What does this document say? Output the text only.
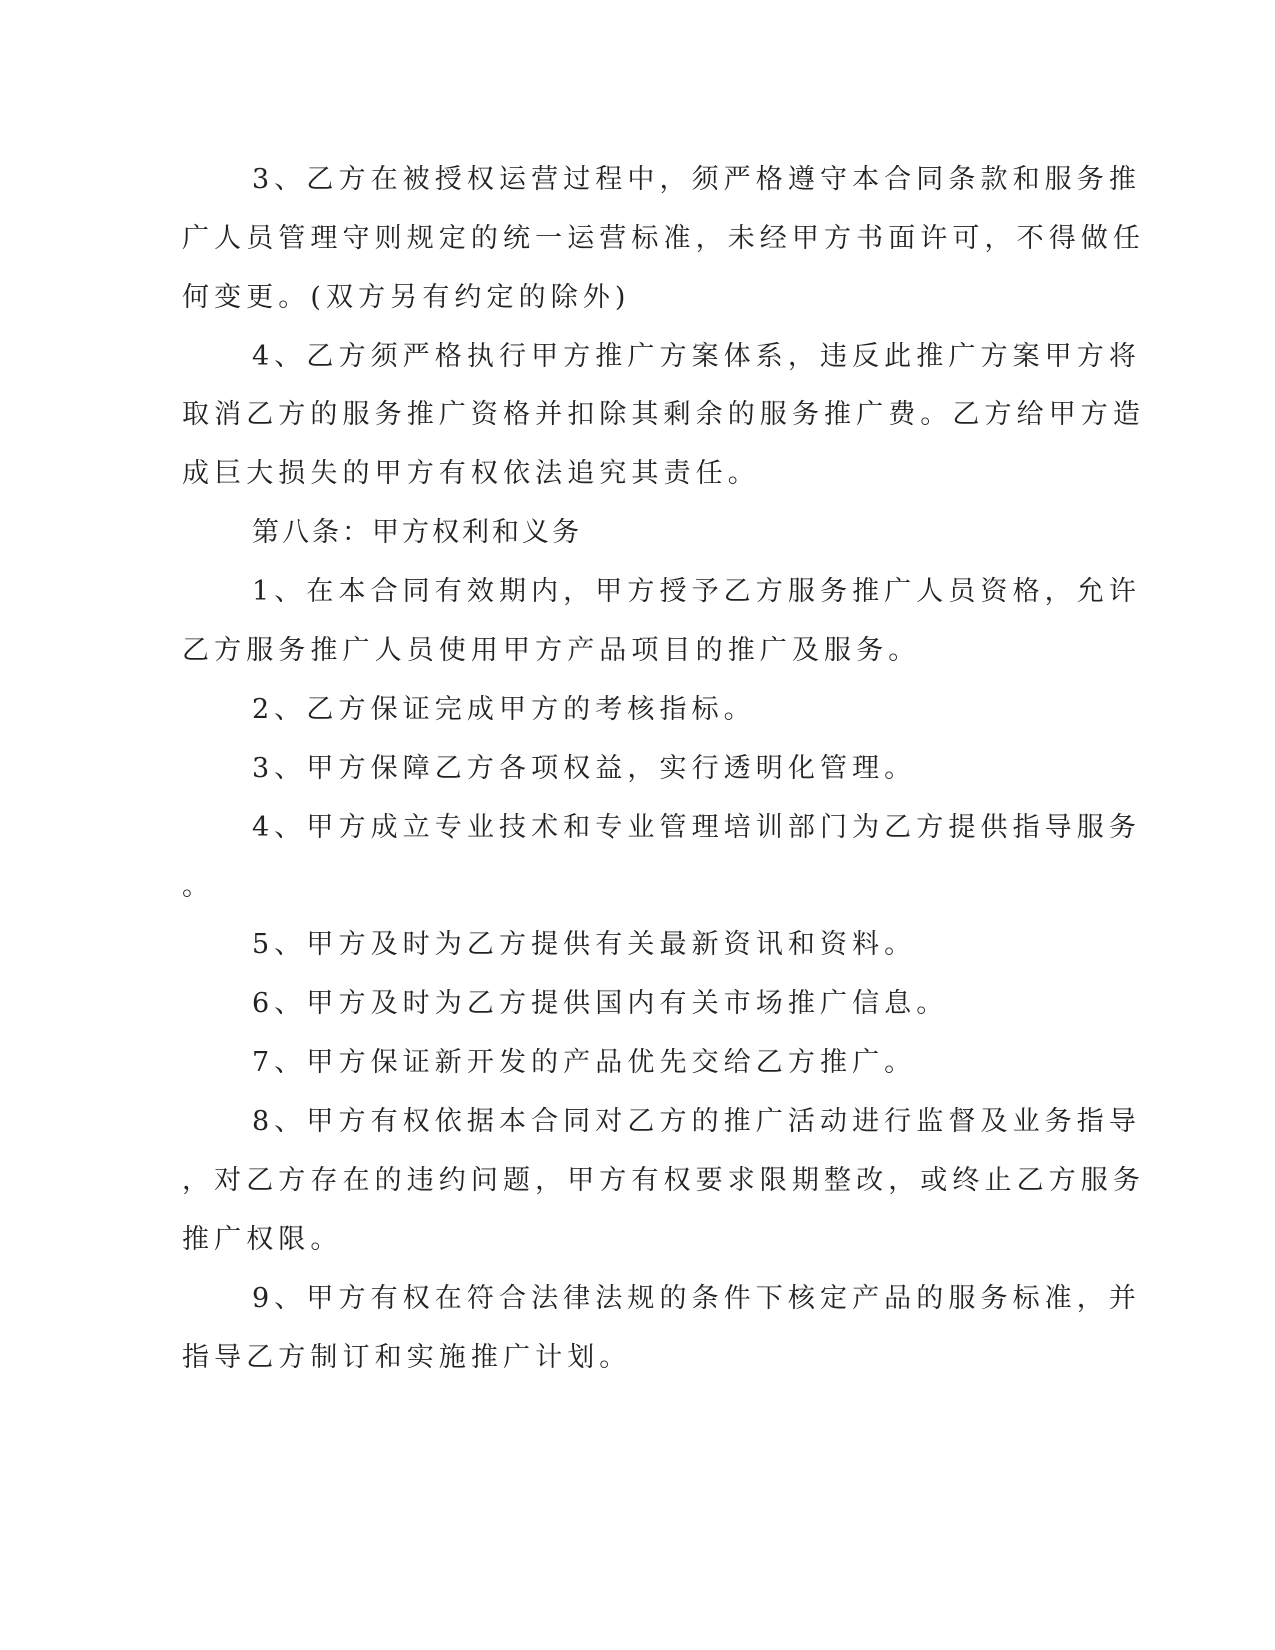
3、乙方在被授权运营过程中，须严格遵守本合同条款和服务推
广人员管理守则规定的统一运营标准，未经甲方书面许可，不得做任
何变更。(双方另有约定的除外)
4、乙方须严格执行甲方推广方案体系，违反此推广方案甲方将
取消乙方的服务推广资格并扣除其剩余的服务推广费。乙方给甲方造
成巨大损失的甲方有权依法追究其责任。
第八条：甲方权利和义务
1、在本合同有效期内，甲方授予乙方服务推广人员资格，允许
乙方服务推广人员使用甲方产品项目的推广及服务。
2、乙方保证完成甲方的考核指标。
3、甲方保障乙方各项权益，实行透明化管理。
4、甲方成立专业技术和专业管理培训部门为乙方提供指导服务
。
5、甲方及时为乙方提供有关最新资讯和资料。
6、甲方及时为乙方提供国内有关市场推广信息。
7、甲方保证新开发的产品优先交给乙方推广。
8、甲方有权依据本合同对乙方的推广活动进行监督及业务指导
，对乙方存在的违约问题，甲方有权要求限期整改，或终止乙方服务
推广权限。
9、甲方有权在符合法律法规的条件下核定产品的服务标准，并
指导乙方制订和实施推广计划。
